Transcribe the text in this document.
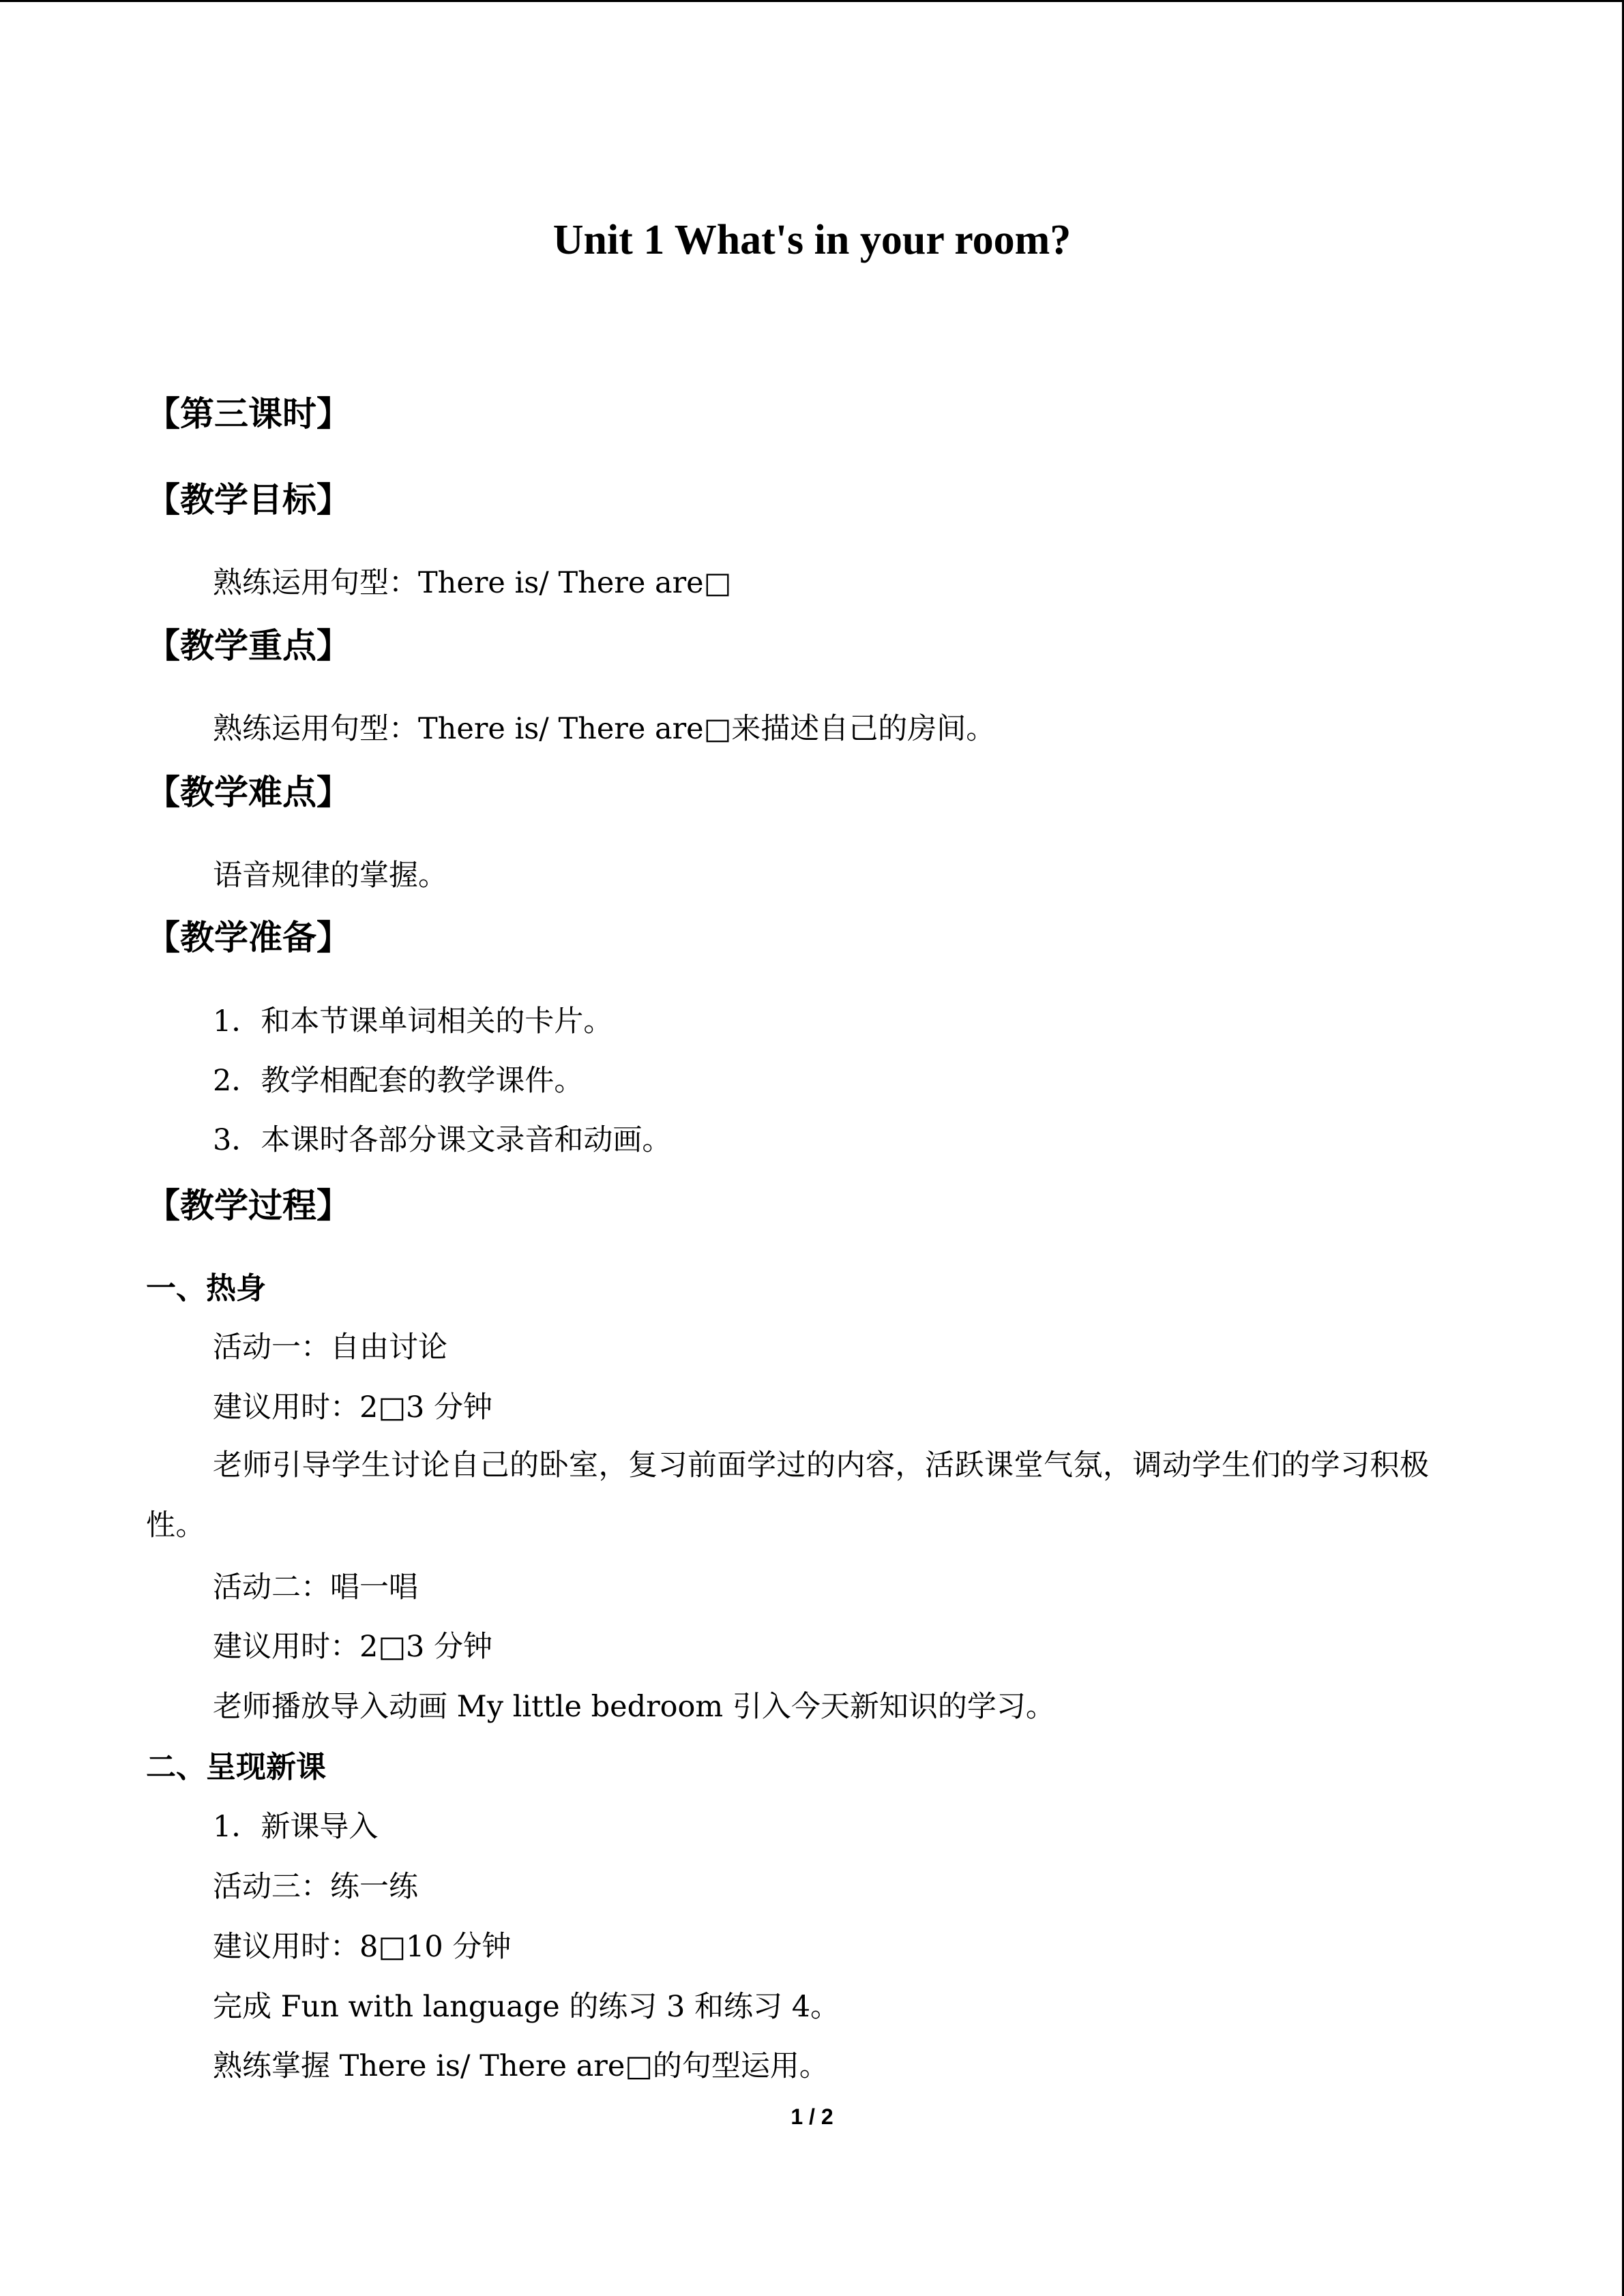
Unit 1 What's in your room?
【第三课时】
【教学目标】
熟练运用句型：There is/ There are□
【教学重点】
熟练运用句型：There is/ There are□来描述自己的房间。
【教学难点】
语音规律的掌握。
【教学准备】
1．和本节课单词相关的卡片。
2．教学相配套的教学课件。
3．本课时各部分课文录音和动画。
【教学过程】
一、热身
活动一：自由讨论
建议用时：2□3 分钟
老师引导学生讨论自己的卧室，复习前面学过的内容，活跃课堂气氛，调动学生们的学习积极性。
活动二：唱一唱
建议用时：2□3 分钟
老师播放导入动画 My little bedroom 引入今天新知识的学习。
二、呈现新课
1．新课导入
活动三：练一练
建议用时：8□10 分钟
完成 Fun with language 的练习 3 和练习 4。
熟练掌握 There is/ There are□的句型运用。
1 / 2
